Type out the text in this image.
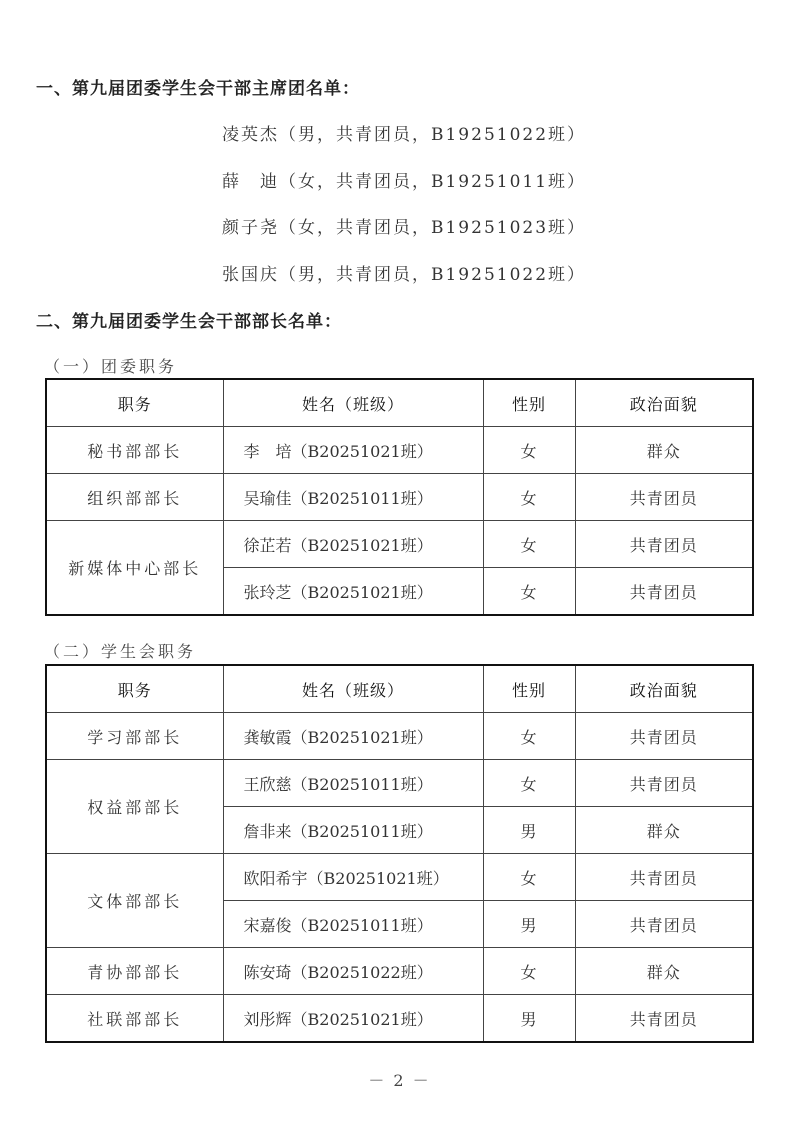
一、第九届团委学生会干部主席团名单：
凌英杰（男，共青团员，B19251022班）
薛　迪（女，共青团员，B19251011班）
颜子尧（女，共青团员，B19251023班）
张国庆（男，共青团员，B19251022班）
二、第九届团委学生会干部部长名单：
（一）团委职务
职务	姓名（班级）	性别	政治面貌
秘书部部长	李　培（B20251021班）	女	群众
组织部部长	吴瑜佳（B20251011班）	女	共青团员
新媒体中心部长	徐芷若（B20251021班）	女	共青团员
	张玲芝（B20251021班）	女	共青团员
（二）学生会职务
职务	姓名（班级）	性别	政治面貌
学习部部长	龚敏霞（B20251021班）	女	共青团员
权益部部长	王欣慈（B20251011班）	女	共青团员
	詹非来（B20251011班）	男	群众
文体部部长	欧阳希宇（B20251021班）	女	共青团员
	宋嘉俊（B20251011班）	男	共青团员
青协部部长	陈安琦（B20251022班）	女	群众
社联部部长	刘彤辉（B20251021班）	男	共青团员
－ 2 －
